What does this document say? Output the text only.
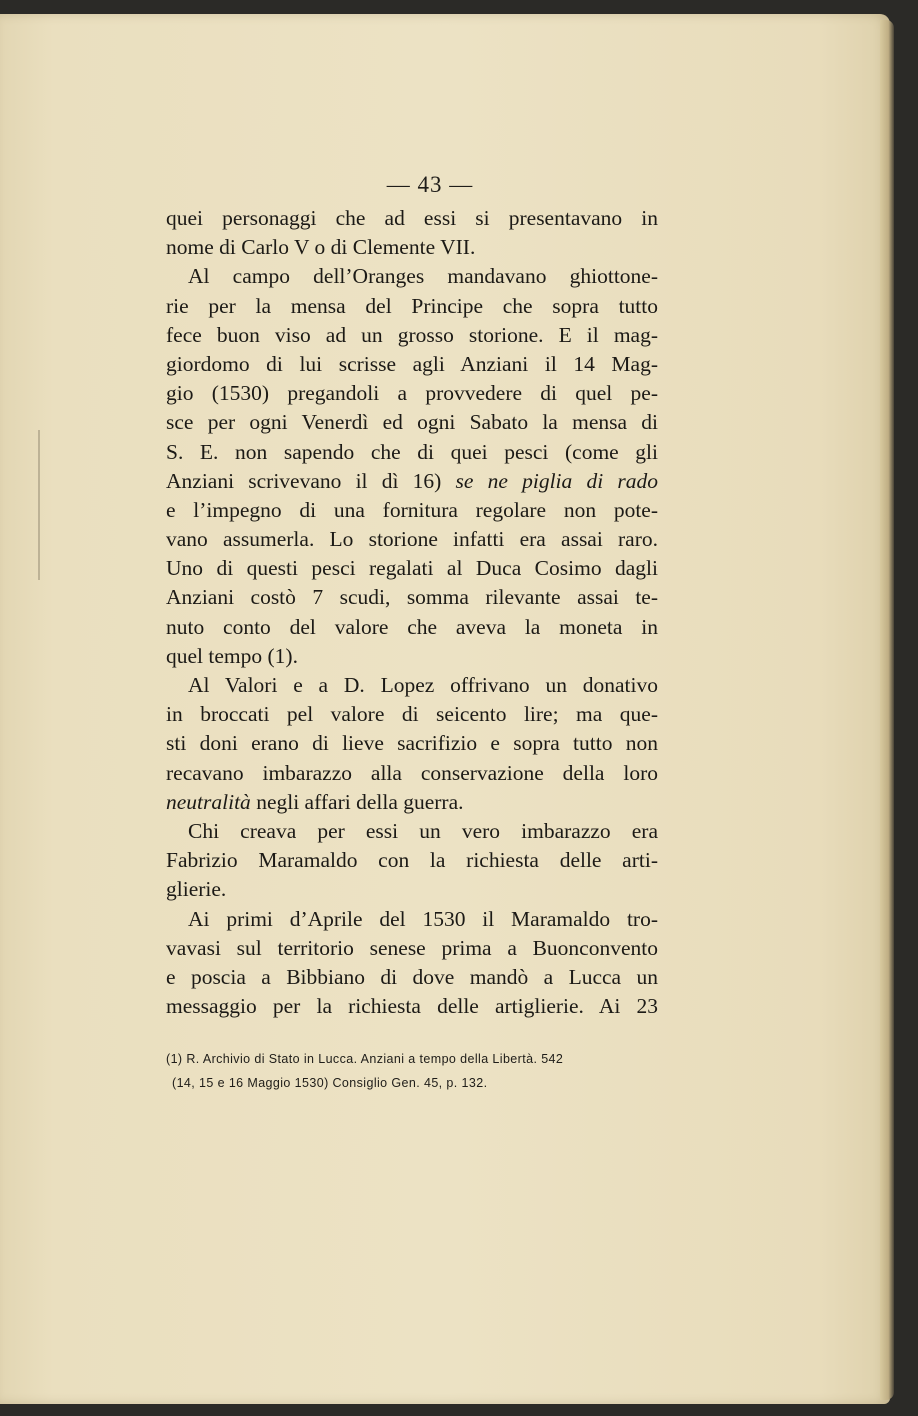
— 43 —
quei personaggi che ad essi si presentavano in
nome di Carlo V o di Clemente VII.
Al campo dell’Oranges mandavano ghiottone-
rie per la mensa del Principe che sopra tutto
fece buon viso ad un grosso storione. E il mag-
giordomo di lui scrisse agli Anziani il 14 Mag-
gio (1530) pregandoli a provvedere di quel pe-
sce per ogni Venerdì ed ogni Sabato la mensa di
S. E. non sapendo che di quei pesci (come gli
Anziani scrivevano il dì 16) se ne piglia di rado
e l’impegno di una fornitura regolare non pote-
vano assumerla. Lo storione infatti era assai raro.
Uno di questi pesci regalati al Duca Cosimo dagli
Anziani costò 7 scudi, somma rilevante assai te-
nuto conto del valore che aveva la moneta in
quel tempo (1).
Al Valori e a D. Lopez offrivano un donativo
in broccati pel valore di seicento lire; ma que-
sti doni erano di lieve sacrifizio e sopra tutto non
recavano imbarazzo alla conservazione della loro
neutralità negli affari della guerra.
Chi creava per essi un vero imbarazzo era
Fabrizio Maramaldo con la richiesta delle arti-
glierie.
Ai primi d’Aprile del 1530 il Maramaldo tro-
vavasi sul territorio senese prima a Buonconvento
e poscia a Bibbiano di dove mandò a Lucca un
messaggio per la richiesta delle artiglierie. Ai 23
(1) R. Archivio di Stato in Lucca. Anziani a tempo della Libertà. 542
(14, 15 e 16 Maggio 1530) Consiglio Gen. 45, p. 132.
